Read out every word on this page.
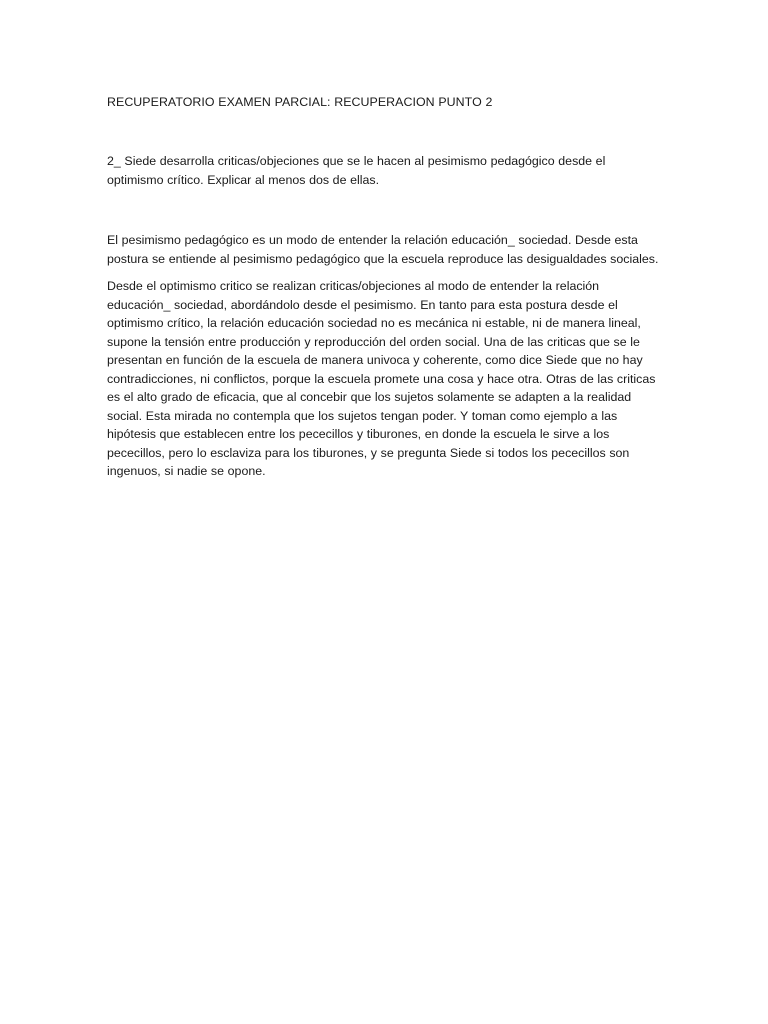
RECUPERATORIO EXAMEN PARCIAL: RECUPERACION PUNTO 2

2_ Siede desarrolla criticas/objeciones que se le hacen al pesimismo pedagógico desde el optimismo crítico. Explicar al menos dos de ellas.

El pesimismo pedagógico es un modo de entender la relación educación_ sociedad. Desde esta postura se entiende al pesimismo pedagógico que la escuela reproduce las desigualdades sociales.

Desde el optimismo critico se realizan criticas/objeciones al modo de entender la relación educación_ sociedad, abordándolo desde el pesimismo. En tanto para esta postura desde el optimismo crítico, la relación educación sociedad no es mecánica ni estable, ni de manera lineal, supone la tensión entre producción y reproducción del orden social. Una de las criticas que se le presentan en función de la escuela de manera univoca y coherente, como dice Siede que no hay contradicciones, ni conflictos, porque la escuela promete una cosa y hace otra. Otras de las criticas es el alto grado de eficacia, que al concebir que los sujetos solamente se adapten a la realidad social. Esta mirada no contempla que los sujetos tengan poder. Y toman como ejemplo a las hipótesis que establecen entre los pececillos y tiburones, en donde la escuela le sirve a los pececillos, pero lo esclaviza para los tiburones, y se pregunta Siede si todos los pececillos son ingenuos, si nadie se opone.
